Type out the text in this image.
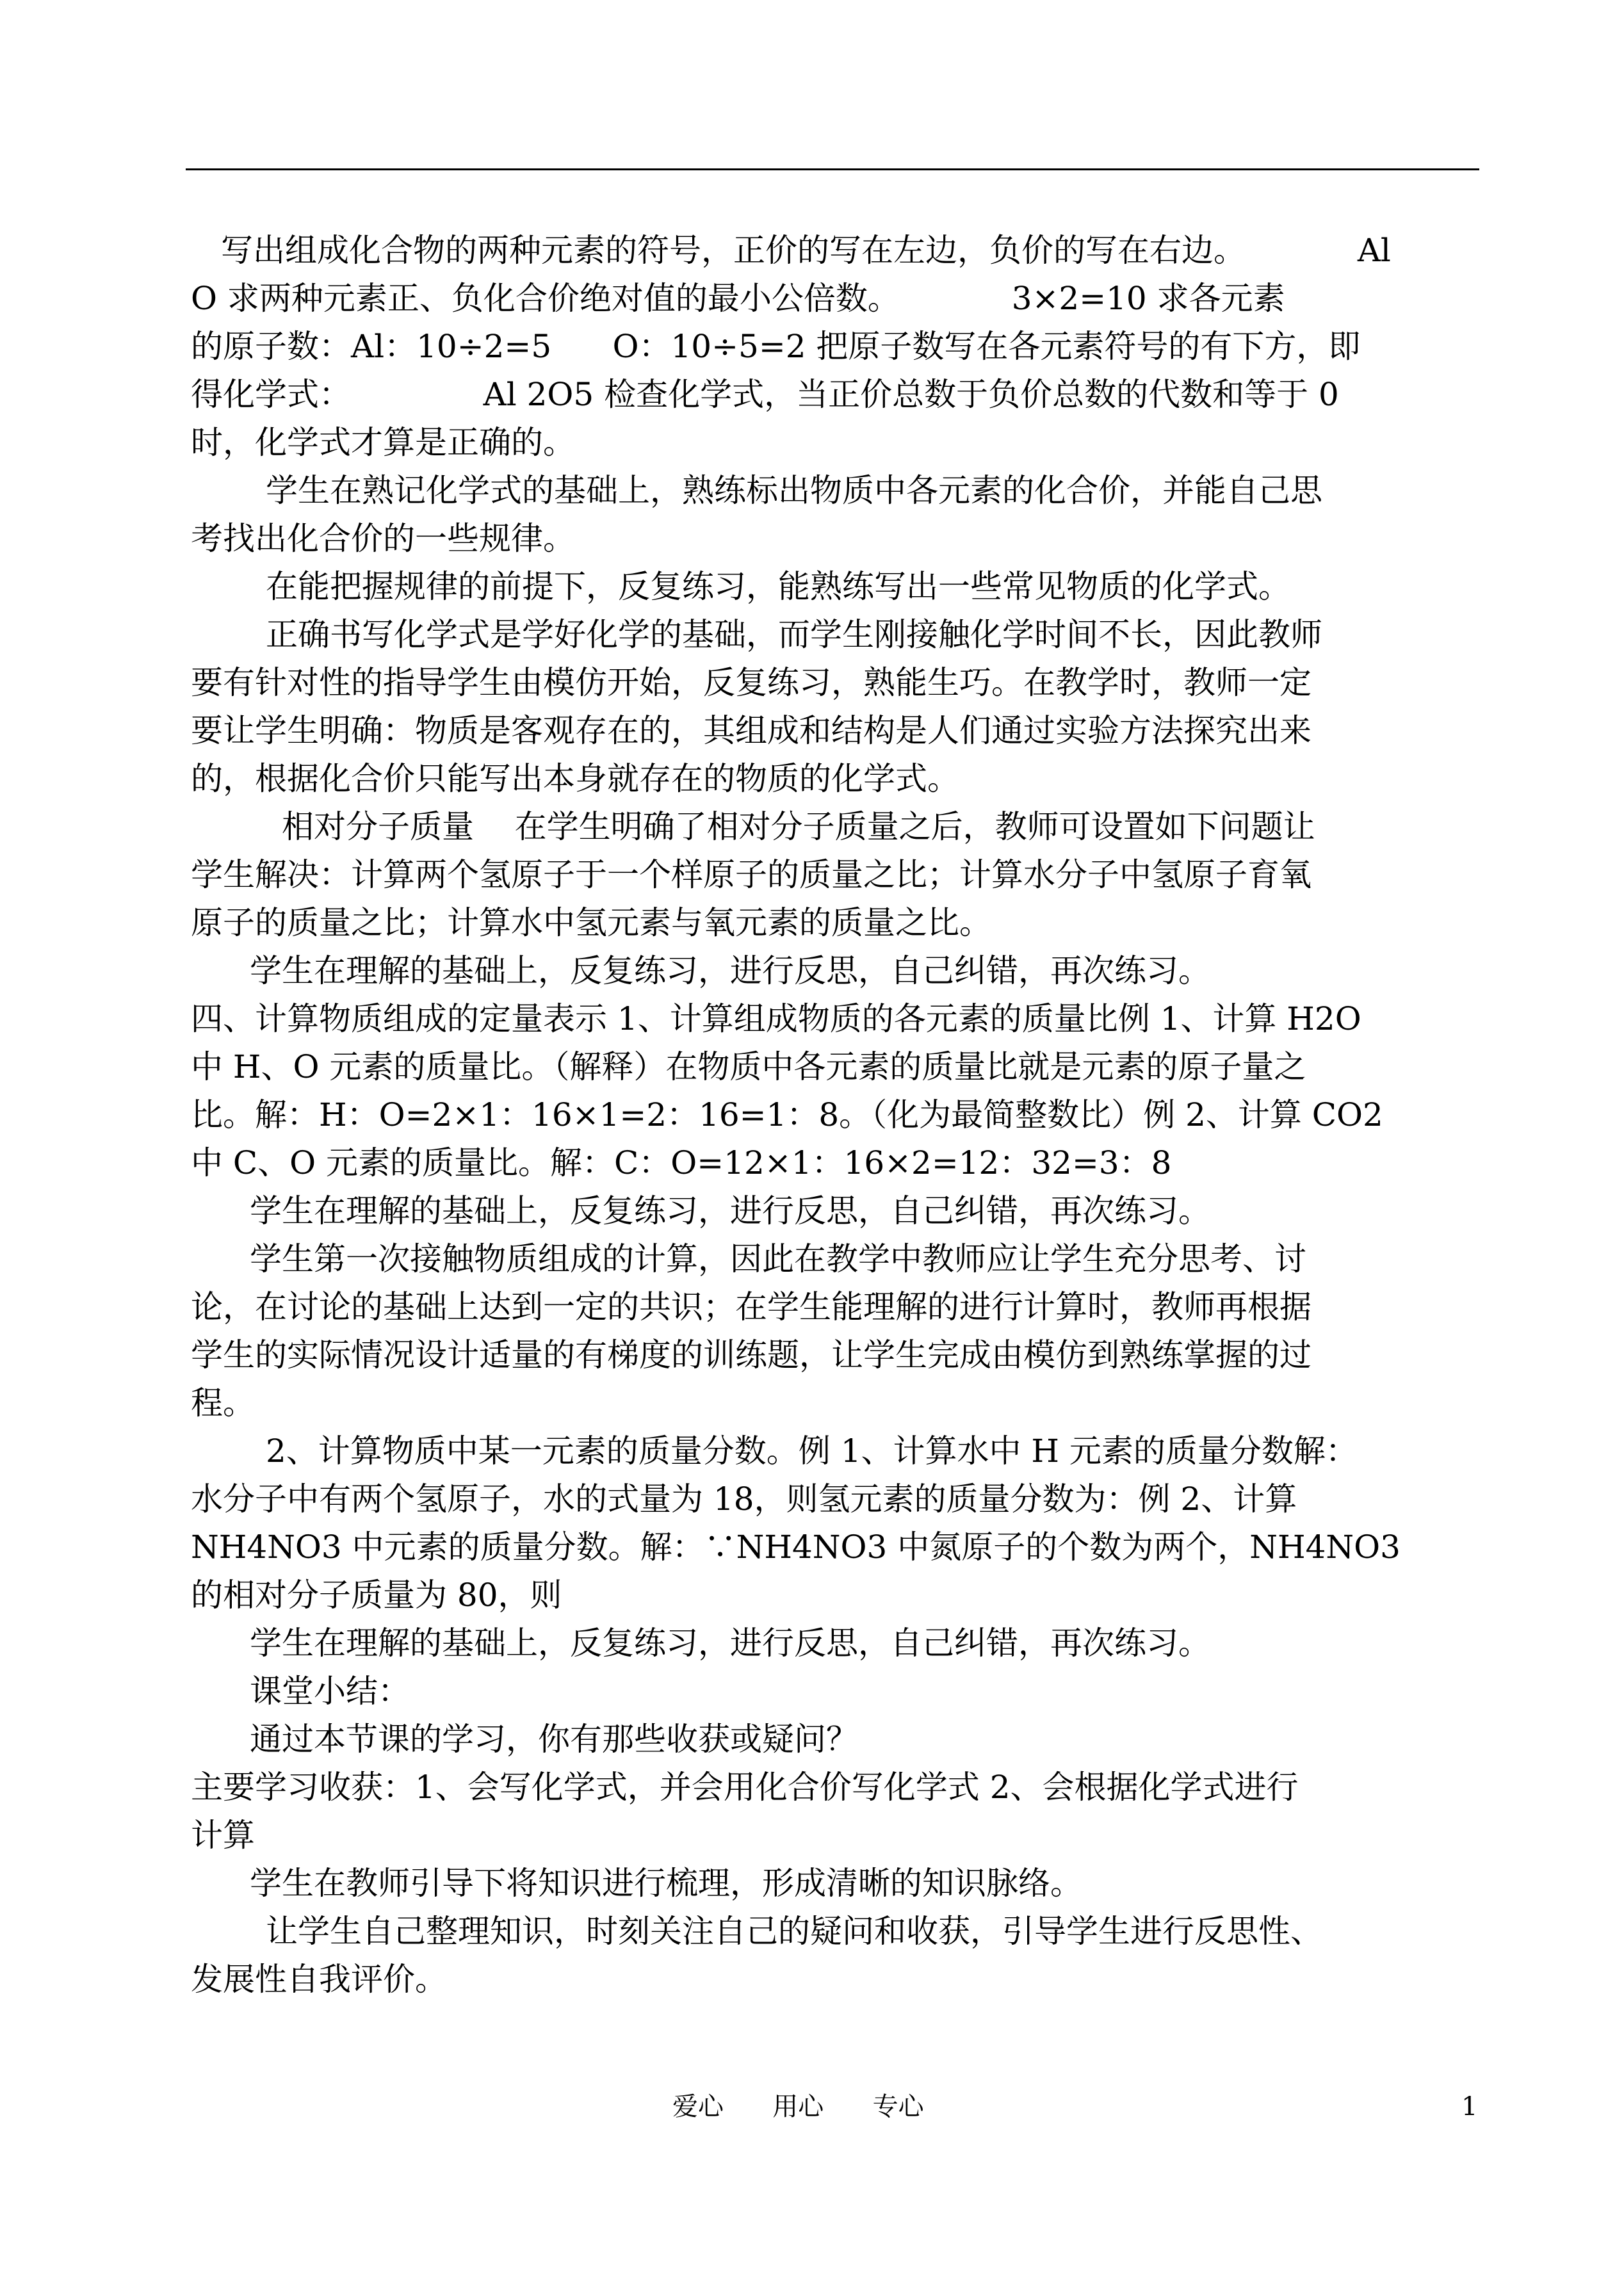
写出组成化合物的两种元素的符号，正价的写在左边，负价的写在右边。           Al

O 求两种元素正、负化合价绝对值的最小公倍数。           3×2=10 求各元素

的原子数：Al：10÷2=5      O：10÷5=2 把原子数写在各元素符号的有下方，即

得化学式：             Al 2O5 检查化学式，当正价总数于负价总数的代数和等于 0

时，化学式才算是正确的。

学生在熟记化学式的基础上，熟练标出物质中各元素的化合价，并能自己思

考找出化合价的一些规律。

在能把握规律的前提下，反复练习，能熟练写出一些常见物质的化学式。

正确书写化学式是学好化学的基础，而学生刚接触化学时间不长，因此教师

要有针对性的指导学生由模仿开始，反复练习，熟能生巧。在教学时，教师一定

要让学生明确：物质是客观存在的，其组成和结构是人们通过实验方法探究出来

的，根据化合价只能写出本身就存在的物质的化学式。

相对分子质量    在学生明确了相对分子质量之后，教师可设置如下问题让

学生解决：计算两个氢原子于一个样原子的质量之比；计算水分子中氢原子育氧

原子的质量之比；计算水中氢元素与氧元素的质量之比。

学生在理解的基础上，反复练习，进行反思，自己纠错，再次练习。

四、计算物质组成的定量表示 1、计算组成物质的各元素的质量比例 1、计算 H2O

中 H、O 元素的质量比。（解释）在物质中各元素的质量比就是元素的原子量之

比。解：H：O=2×1：16×1=2：16=1：8。（化为最简整数比）例 2、计算 CO2

中 C、O 元素的质量比。解：C：O=12×1：16×2=12：32=3：8

学生在理解的基础上，反复练习，进行反思，自己纠错，再次练习。

学生第一次接触物质组成的计算，因此在教学中教师应让学生充分思考、讨

论，在讨论的基础上达到一定的共识；在学生能理解的进行计算时，教师再根据

学生的实际情况设计适量的有梯度的训练题，让学生完成由模仿到熟练掌握的过

程。

2、计算物质中某一元素的质量分数。例 1、计算水中 H 元素的质量分数解：

水分子中有两个氢原子，水的式量为 18，则氢元素的质量分数为：例 2、计算

NH4NO3 中元素的质量分数。解：∵NH4NO3 中氮原子的个数为两个，NH4NO3

的相对分子质量为 80，则

学生在理解的基础上，反复练习，进行反思，自己纠错，再次练习。

课堂小结：

通过本节课的学习，你有那些收获或疑问？

主要学习收获：1、会写化学式，并会用化合价写化学式 2、会根据化学式进行

计算

学生在教师引导下将知识进行梳理，形成清晰的知识脉络。

让学生自己整理知识，时刻关注自己的疑问和收获，引导学生进行反思性、

发展性自我评价。

爱心      用心      专心	1
